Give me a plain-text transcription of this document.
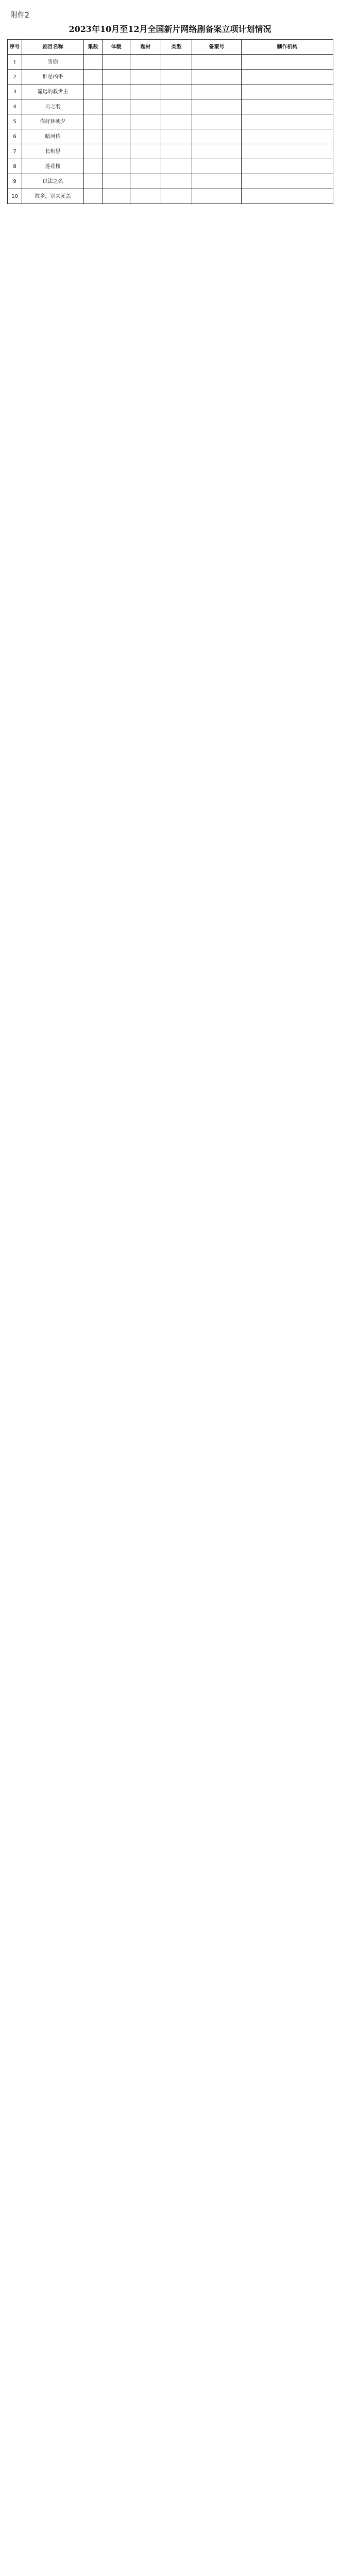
附件2
2023年10月至12月全国新片网络剧备案立项计划情况
序号	剧目名称	集数	体裁	题材	类型	备案号	制作机构
1	雪崩						
2	谁是凶手						
3	遥远的救世主						
4	云之羽						
5	你好林朝夕						
6	暗河传						
7	长相思						
8	莲花楼						
9	以法之名						
10	故乡，别来无恙						
